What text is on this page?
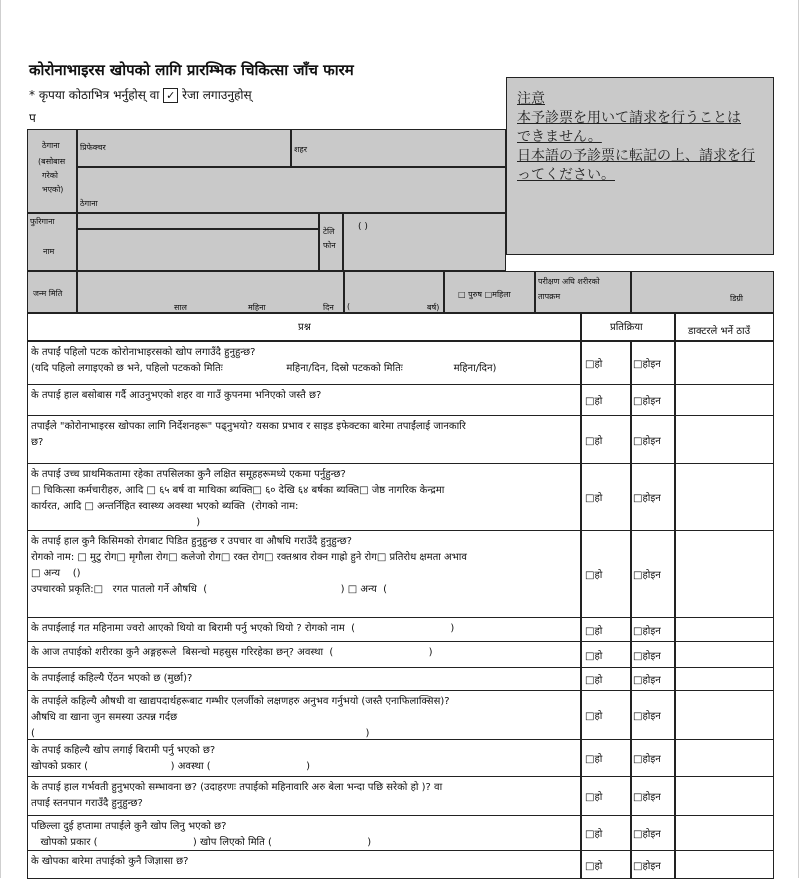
कोरोनाभाइरस खोपको लागि प्रारम्भिक चिकित्सा जाँच फारम
* कृपया कोठाभित्र भर्नुहोस् वा ✓ रेजा लगाउनुहोस्
प
注意
本予診票を用いて請求を行うことは
できません。
日本語の予診票に転記の上、請求を行
ってください。
ठेगाना
(बसोबास
गरेको
भएको)
प्रिफेक्चर	शहर
ठेगाना
फुरिगाना
नाम
टेलि
फोन
( )
जन्म मिति
साल	महिना	दिन (	बर्ष)
□ पुरुष □महिला
परीक्षण अघि शरीरको
तापक्रम	डिग्री
प्रश्न	प्रतिक्रिया	डाक्टरले भर्ने ठाउँ
के तपाईं पहिलो पटक कोरोनाभाइरसको खोप लगाउँदै हुनुहुन्छ?
(यदि पहिलो लगाइएको छ भने, पहिलो पटकको मितिः                    महिना/दिन, दिस्रो पटकको मितिः                महिना/दिन)	□हो	□होइन
के तपाई हाल बसोबास गर्दै आउनुभएको शहर वा गाउँ कुपनमा भनिएको जस्तै छ?
□हो	□होइन
तपाईंले "कोरोनाभाइरस खोपका लागि निर्देशनहरू" पढ्नुभयो? यसका प्रभाव र साइड इफेक्टका बारेमा तपाईंलाई जानकारि
छ?	□हो	□होइन
के तपाई उच्च प्राथमिकतामा रहेका तपसिलका कुनै लक्षित समूहहरूमध्ये एकमा पर्नुहुन्छ?
□ चिकित्सा कर्मचारीहरु, आदि □ ६५ बर्ष वा माथिका ब्यक्ति□ ६० देखि ६४ बर्षका ब्यक्ति□ जेष्ठ नागरिक केन्द्रमा
कार्यरत, आदि □ अन्तर्निहित स्वास्थ्य अवस्था भएको ब्यक्ति  (रोगको नाम:
)
□हो	□होइन
के तपाई हाल कुनै किसिमको रोगबाट पिडित हुनुहुन्छ र उपचार वा औषधि गराउँदै हुनुहुन्छ?
रोगको नाम: □ मुटु रोग□ मृगौला रोग□ कलेजो रोग□ रक्त रोग□ रक्तश्राव रोक्न गाह्रो हुने रोग□ प्रतिरोध क्षमता अभाव
□ अन्य    ()
उपचारको प्रकृति:□   रगत पातलो गर्ने औषधि  (                                          ) □ अन्य  (
□हो	□होइन
के तपाईलाई गत महिनामा ज्वरो आएको थियो वा बिरामी पर्नु भएको थियो ? रोगको नाम  (                              )	□हो	□होइन
के आज तपाईको शरीरका कुनै अङ्गहरूले  बिसन्चो महसुस गरिरहेका छन्? अवस्था  (                              )	□हो	□होइन
के तपाईलाई कहिल्यै ऐंठन भएको छ (मुर्छा)?	□हो	□होइन
के तपाईले कहिल्यै औषधी वा खाद्यपदार्थहरूबाट गम्भीर एलर्जीको लक्षणहरु अनुभव गर्नुभयो (जस्तै एनाफिलाक्सिस)?
औषधि वा खाना जुन समस्या उत्पन्न गर्दछ
(                                                                                                        )
□हो	□होइन
के तपाई कहिल्यै खोप लगाई बिरामी पर्नु भएको छ?
खोपको प्रकार (                          ) अवस्था (                              )
□हो	□होइन
के तपाई हाल गर्भवती हुनुभएको सम्भावना छ? (उदाहरणः तपाईको महिनावारि अरु बेला भन्दा पछि सरेको हो )? वा
तपाई स्तनपान गराउँदै हुनुहुन्छ?
□हो	□होइन
पछिल्ला दुई हप्तामा तपाईले कुनै खोप लिनु भएको छ?
खोपको प्रकार (                              ) खोप लिएको मिति (                              )
□हो	□होइन
के खोपका बारेमा तपाईको कुनै जिज्ञासा छ?	□हो	□होइन
